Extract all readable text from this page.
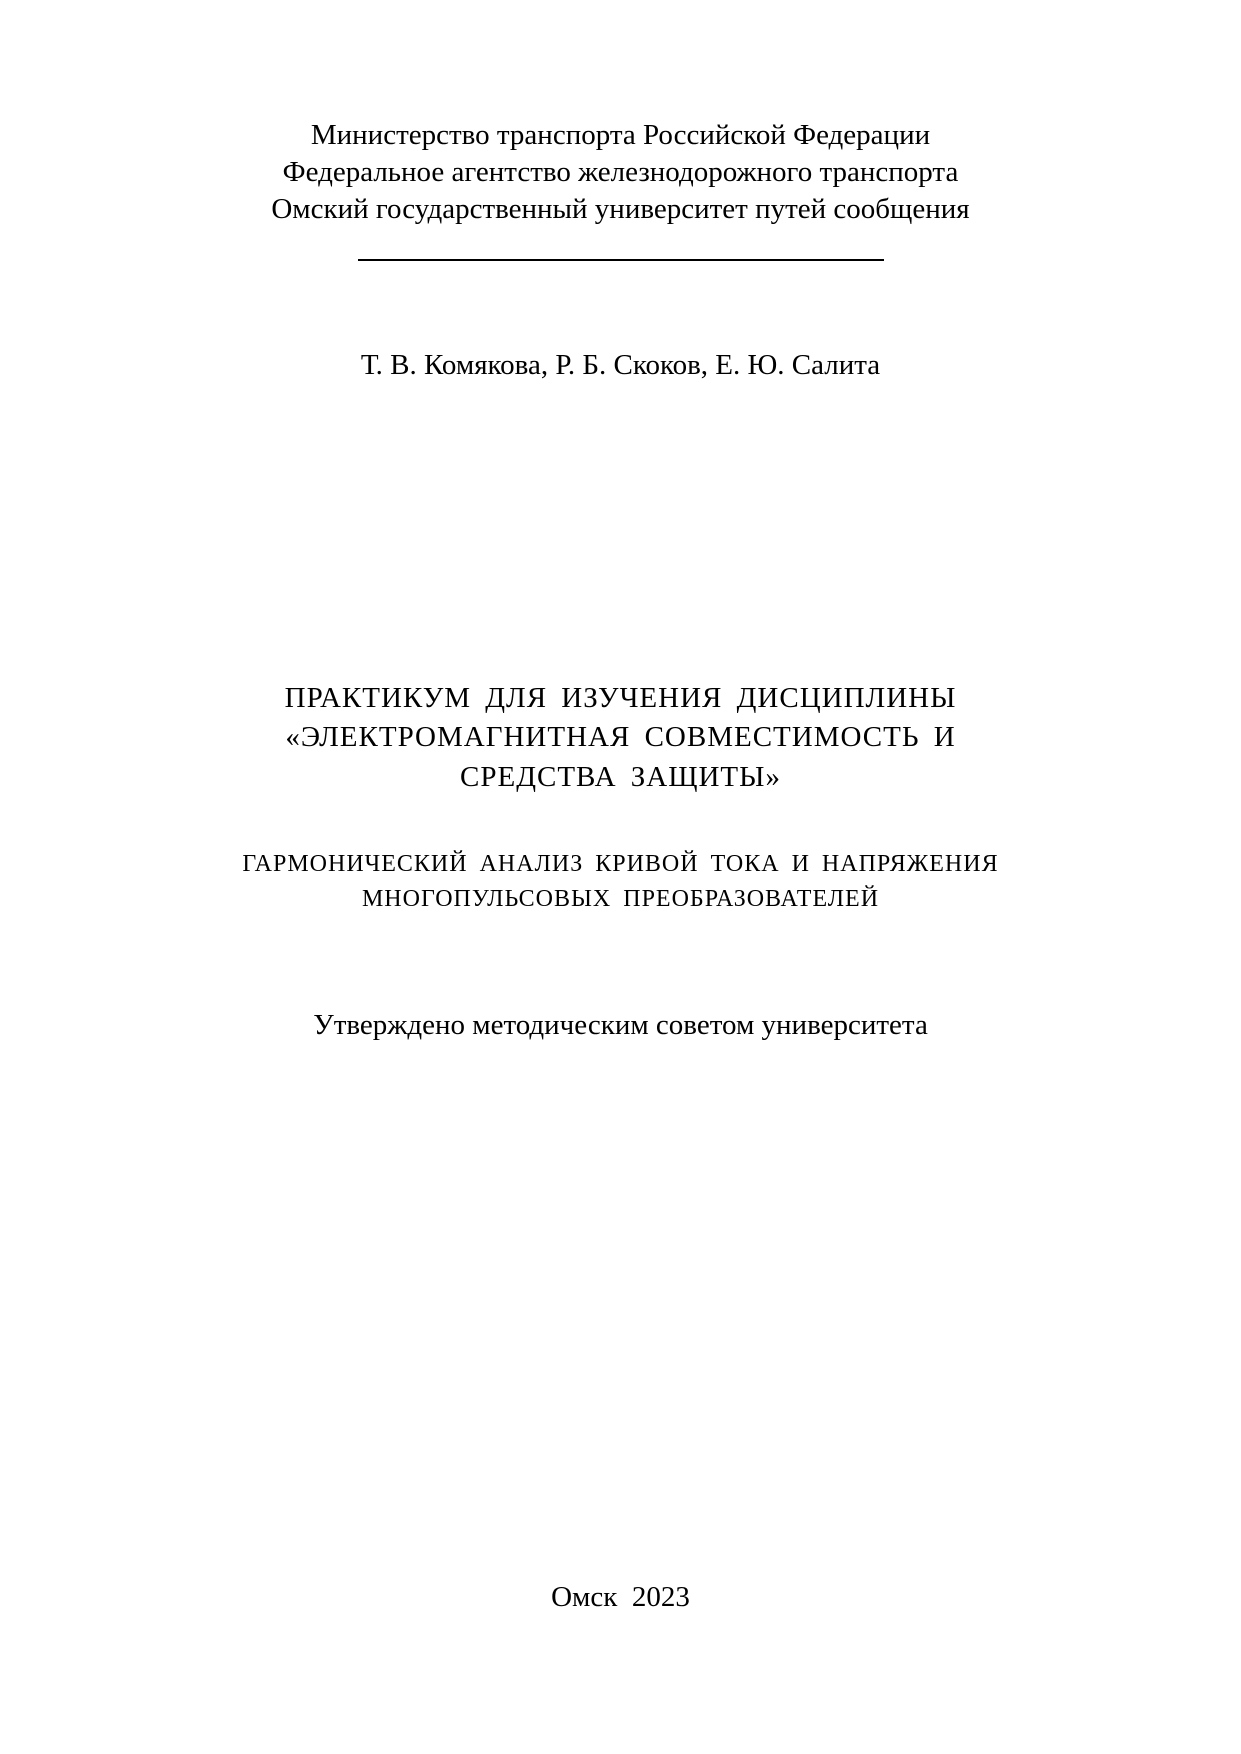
Министерство транспорта Российской Федерации
Федеральное агентство железнодорожного транспорта
Омский государственный университет путей сообщения
Т. В. Комякова, Р. Б. Скоков, Е. Ю. Салита
ПРАКТИКУМ ДЛЯ ИЗУЧЕНИЯ ДИСЦИПЛИНЫ
«ЭЛЕКТРОМАГНИТНАЯ СОВМЕСТИМОСТЬ И
СРЕДСТВА ЗАЩИТЫ»
ГАРМОНИЧЕСКИЙ АНАЛИЗ КРИВОЙ ТОКА И НАПРЯЖЕНИЯ
МНОГОПУЛЬСОВЫХ ПРЕОБРАЗОВАТЕЛЕЙ
Утверждено методическим советом университета
Омск  2023
